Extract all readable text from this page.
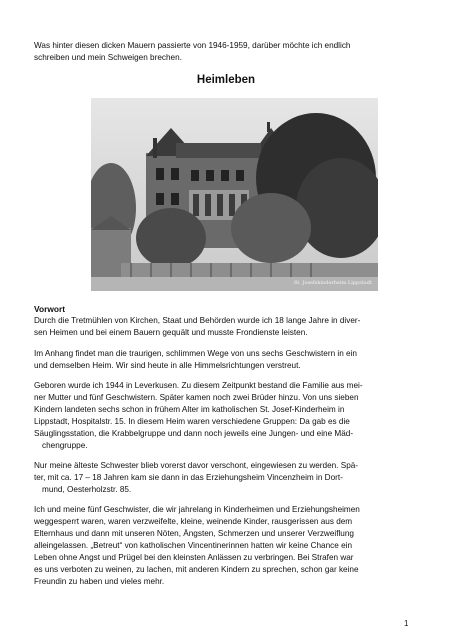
Was hinter diesen dicken Mauern passierte von 1946-1959, darüber möchte ich endlich
schreiben und mein Schweigen brechen.
Heimleben
St. Josefskinderheim Lippstadt
Vorwort
Durch die Tretmühlen von Kirchen, Staat und Behörden wurde ich 18 lange Jahre in diver-
sen Heimen und bei einem Bauern gequält und musste Frondienste leisten.
Im Anhang findet man die traurigen, schlimmen Wege von uns sechs Geschwistern in ein
und demselben Heim. Wir sind heute in alle Himmelsrichtungen verstreut.
Geboren wurde ich 1944 in Leverkusen. Zu diesem Zeitpunkt bestand die Familie aus mei-
ner Mutter und fünf Geschwistern. Später kamen noch zwei Brüder hinzu. Von uns sieben
Kindern landeten sechs schon in frühem Alter im katholischen St. Josef-Kinderheim in
Lippstadt, Hospitalstr. 15. In diesem Heim waren verschiedene Gruppen: Da gab es die
Säuglingsstation, die Krabbelgruppe und dann noch jeweils eine Jungen- und eine Mäd-
chengruppe.
Nur meine älteste Schwester blieb vorerst davor verschont, eingewiesen zu werden. Spä-
ter, mit ca. 17 – 18 Jahren kam sie dann in das Erziehungsheim Vincenzheim in Dort-
mund, Oesterholzstr. 85.
Ich und meine fünf Geschwister, die wir jahrelang in Kinderheimen und Erziehungsheimen
weggesperrt waren, waren verzweifelte, kleine, weinende Kinder, rausgerissen aus dem
Elternhaus und dann mit unseren Nöten, Ängsten, Schmerzen und unserer Verzweiflung
alleingelassen. „Betreut“ von katholischen Vincentinerinnen hatten wir keine Chance ein
Leben ohne Angst und Prügel bei den kleinsten Anlässen zu verbringen. Bei Strafen war
es uns verboten zu weinen, zu lachen, mit anderen Kindern zu sprechen, schon gar keine
Freundin zu haben und vieles mehr.
1
